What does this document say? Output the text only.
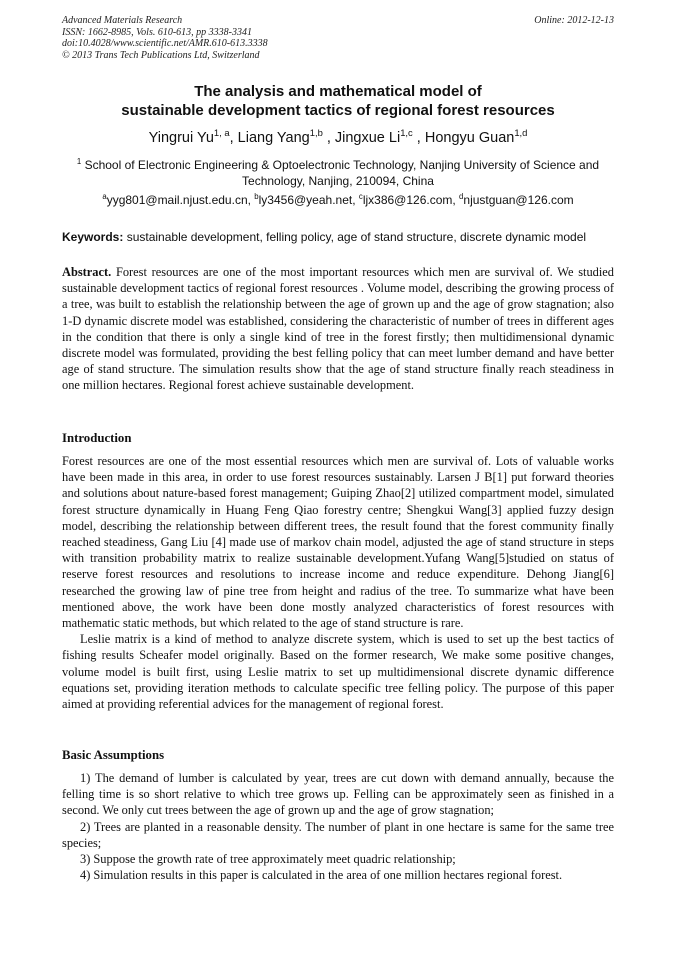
Advanced Materials Research
ISSN: 1662-8985, Vols. 610-613, pp 3338-3341
doi:10.4028/www.scientific.net/AMR.610-613.3338
© 2013 Trans Tech Publications Ltd, Switzerland
Online: 2012-12-13
The analysis and mathematical model of
sustainable development tactics of regional forest resources
Yingrui Yu$^{1, a}$, Liang Yang$^{1,b}$ , Jingxue Li$^{1,c}$ , Hongyu Guan$^{1,d}$
$^1$ School of Electronic Engineering & Optoelectronic Technology, Nanjing University of Science and Technology, Nanjing, 210094, China
$^a$yyg801@mail.njust.edu.cn, $^b$ly3456@yeah.net, $^c$ljx386@126.com, $^d$njustguan@126.com
Keywords: sustainable development, felling policy, age of stand structure, discrete dynamic model
Abstract. Forest resources are one of the most important resources which men are survival of. We studied sustainable development tactics of regional forest resources . Volume model, describing the growing process of a tree, was built to establish the relationship between the age of grown up and the age of grow stagnation; also 1-D dynamic discrete model was established, considering the characteristic of number of trees in different ages in the condition that there is only a single kind of tree in the forest firstly; then multidimensional dynamic discrete model was formulated, providing the best felling policy that can meet lumber demand and have better age of stand structure. The simulation results show that the age of stand structure finally reach steadiness in one million hectares. Regional forest achieve sustainable development.
Introduction

Forest resources are one of the most essential resources which men are survival of. Lots of valuable works have been made in this area, in order to use forest resources sustainably. Larsen J B[1] put forward theories and solutions about nature-based forest management; Guiping Zhao[2] utilized compartment model, simulated forest structure dynamically in Huang Feng Qiao forestry centre; Shengkui Wang[3] applied fuzzy design model, describing the relationship between different trees, the result found that the forest community finally reached steadiness, Gang Liu [4] made use of markov chain model, adjusted the age of stand structure in steps with transition probability matrix to realize sustainable development.Yufang Wang[5]studied on status of reserve forest resources and resolutions to increase income and reduce expenditure. Dehong Jiang[6] researched the growing law of pine tree from height and radius of the tree. To summarize what have been mentioned above, the work have been done mostly analyzed characteristics of forest resources with mathematic static methods, but which related to the age of stand structure is rare.

Leslie matrix is a kind of method to analyze discrete system, which is used to set up the best tactics of fishing results Scheafer model originally. Based on the former research, We make some positive changes, volume model is built first, using Leslie matrix to set up multidimensional discrete dynamic difference equations set, providing iteration methods to calculate specific tree felling policy. The purpose of this paper aimed at providing referential advices for the management of regional forest.

Basic Assumptions

1) The demand of lumber is calculated by year, trees are cut down with demand annually, because the felling time is so short relative to which tree grows up. Felling can be approximately seen as finished in a second. We only cut trees between the age of grown up and the age of grow stagnation;

2) Trees are planted in a reasonable density. The number of plant in one hectare is same for the same tree species;

3) Suppose the growth rate of tree approximately meet quadric relationship;

4) Simulation results in this paper is calculated in the area of one million hectares regional forest.
